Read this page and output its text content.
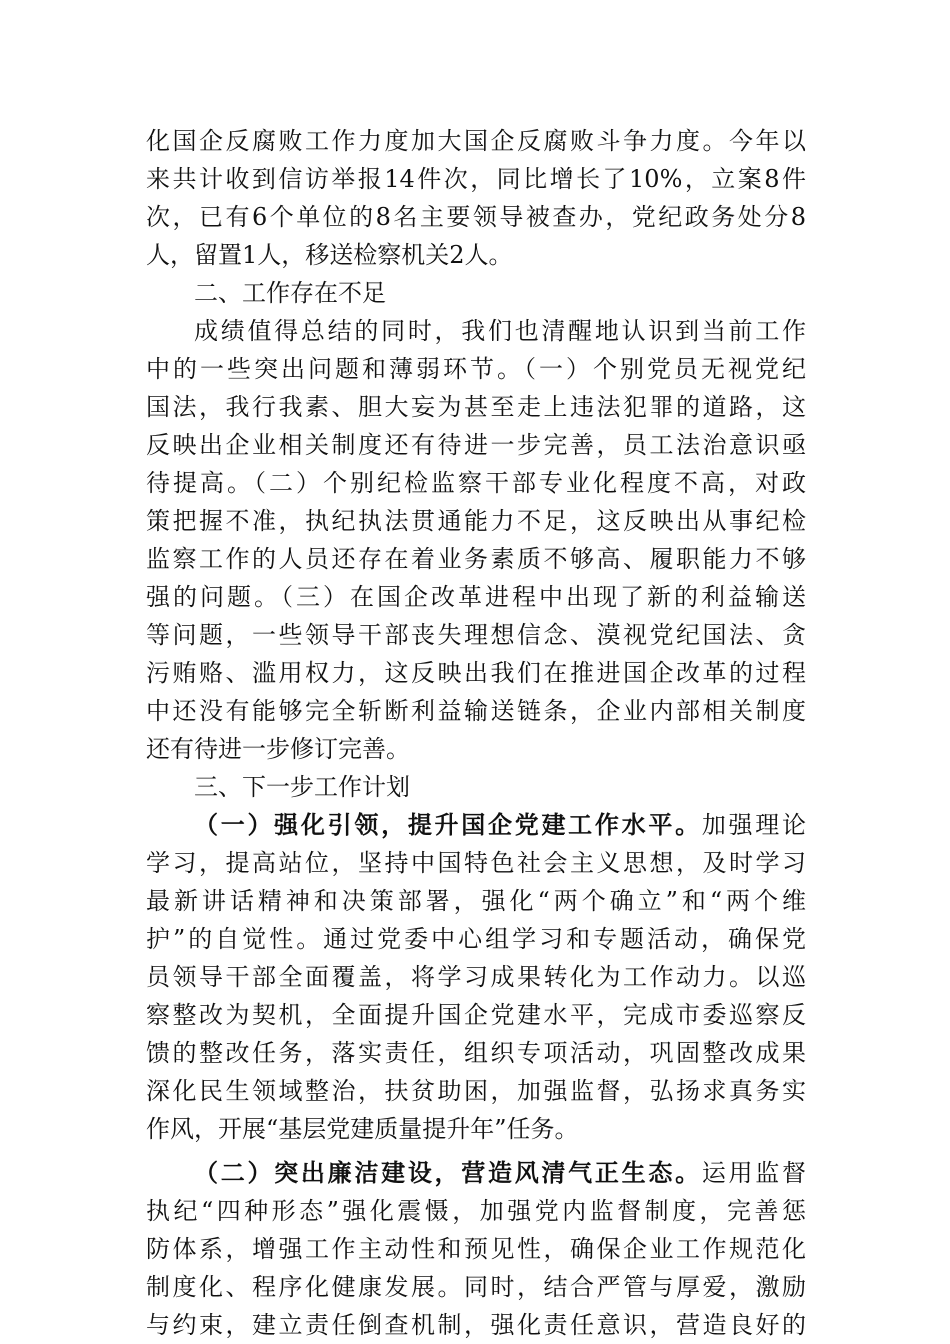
化国企反腐败工作力度加大国企反腐败斗争力度。今年以
来共计收到信访举报14件次，同比增长了10%，立案8件
次，已有6个单位的8名主要领导被查办，党纪政务处分8
人，留置1人，移送检察机关2人。
二、工作存在不足
成绩值得总结的同时，我们也清醒地认识到当前工作
中的一些突出问题和薄弱环节。（一）个别党员无视党纪
国法，我行我素、胆大妄为甚至走上违法犯罪的道路，这
反映出企业相关制度还有待进一步完善，员工法治意识亟
待提高。（二）个别纪检监察干部专业化程度不高，对政
策把握不准，执纪执法贯通能力不足，这反映出从事纪检
监察工作的人员还存在着业务素质不够高、履职能力不够
强的问题。（三）在国企改革进程中出现了新的利益输送
等问题，一些领导干部丧失理想信念、漠视党纪国法、贪
污贿赂、滥用权力，这反映出我们在推进国企改革的过程
中还没有能够完全斩断利益输送链条，企业内部相关制度
还有待进一步修订完善。
三、下一步工作计划
（一）强化引领，提升国企党建工作水平。加强理论
学习，提高站位，坚持中国特色社会主义思想，及时学习
最新讲话精神和决策部署，强化“两个确立”和“两个维
护”的自觉性。通过党委中心组学习和专题活动，确保党
员领导干部全面覆盖，将学习成果转化为工作动力。以巡
察整改为契机，全面提升国企党建水平，完成市委巡察反
馈的整改任务，落实责任，组织专项活动，巩固整改成果
深化民生领域整治，扶贫助困，加强监督，弘扬求真务实
作风，开展“基层党建质量提升年”任务。
（二）突出廉洁建设，营造风清气正生态。运用监督
执纪“四种形态”强化震慑，加强党内监督制度，完善惩
防体系，增强工作主动性和预见性，确保企业工作规范化
制度化、程序化健康发展。同时，结合严管与厚爱，激励
与约束，建立责任倒查机制，强化责任意识，营造良好的
